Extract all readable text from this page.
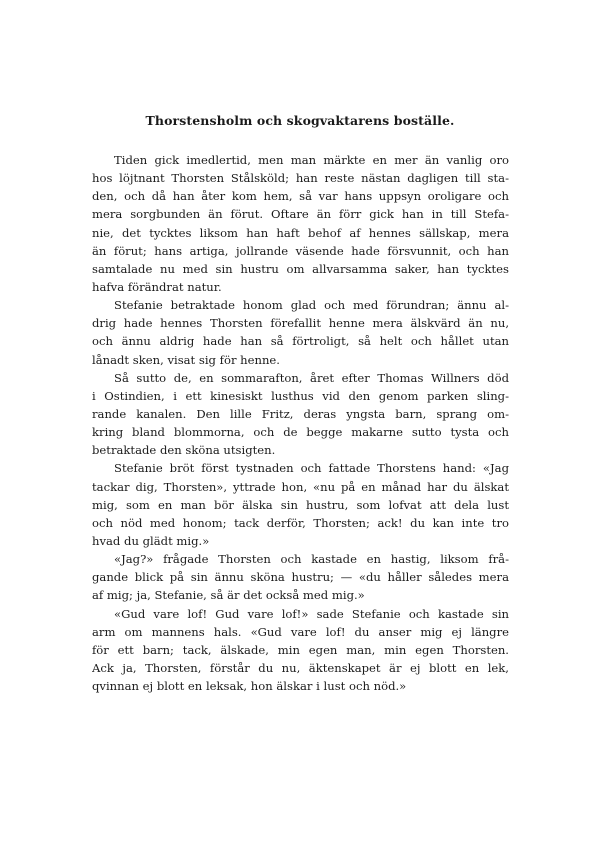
Thorstensholm och skogvaktarens boställe.
Tiden gick imedlertid, men man märkte en mer än vanlig oro
hos löjtnant Thorsten Stålsköld; han reste nästan dagligen till sta-
den, och då han åter kom hem, så var hans uppsyn oroligare och
mera sorgbunden än förut. Oftare än förr gick han in till Stefa-
nie, det tycktes liksom han haft behof af hennes sällskap, mera
än förut; hans artiga, jollrande väsende hade försvunnit, och han
samtalade nu med sin hustru om allvarsamma saker, han tycktes
hafva förändrat natur.
Stefanie betraktade honom glad och med förundran; ännu al-
drig hade hennes Thorsten förefallit henne mera älskvärd än nu,
och ännu aldrig hade han så förtroligt, så helt och hållet utan
lånadt sken, visat sig för henne.
Så sutto de, en sommarafton, året efter Thomas Willners död
i Ostindien, i ett kinesiskt lusthus vid den genom parken sling-
rande kanalen. Den lille Fritz, deras yngsta barn, sprang om-
kring bland blommorna, och de begge makarne sutto tysta och
betraktade den sköna utsigten.
Stefanie bröt först tystnaden och fattade Thorstens hand: «Jag
tackar dig, Thorsten», yttrade hon, «nu på en månad har du älskat
mig, som en man bör älska sin hustru, som lofvat att dela lust
och nöd med honom; tack derför, Thorsten; ack! du kan inte tro
hvad du glädt mig.»
«Jag?» frågade Thorsten och kastade en hastig, liksom frå-
gande blick på sin ännu sköna hustru; — «du håller således mera
af mig; ja, Stefanie, så är det också med mig.»
«Gud vare lof! Gud vare lof!» sade Stefanie och kastade sin
arm om mannens hals. «Gud vare lof! du anser mig ej längre
för ett barn; tack, älskade, min egen man, min egen Thorsten.
Ack ja, Thorsten, förstår du nu, äktenskapet är ej blott en lek,
qvinnan ej blott en leksak, hon älskar i lust och nöd.»
